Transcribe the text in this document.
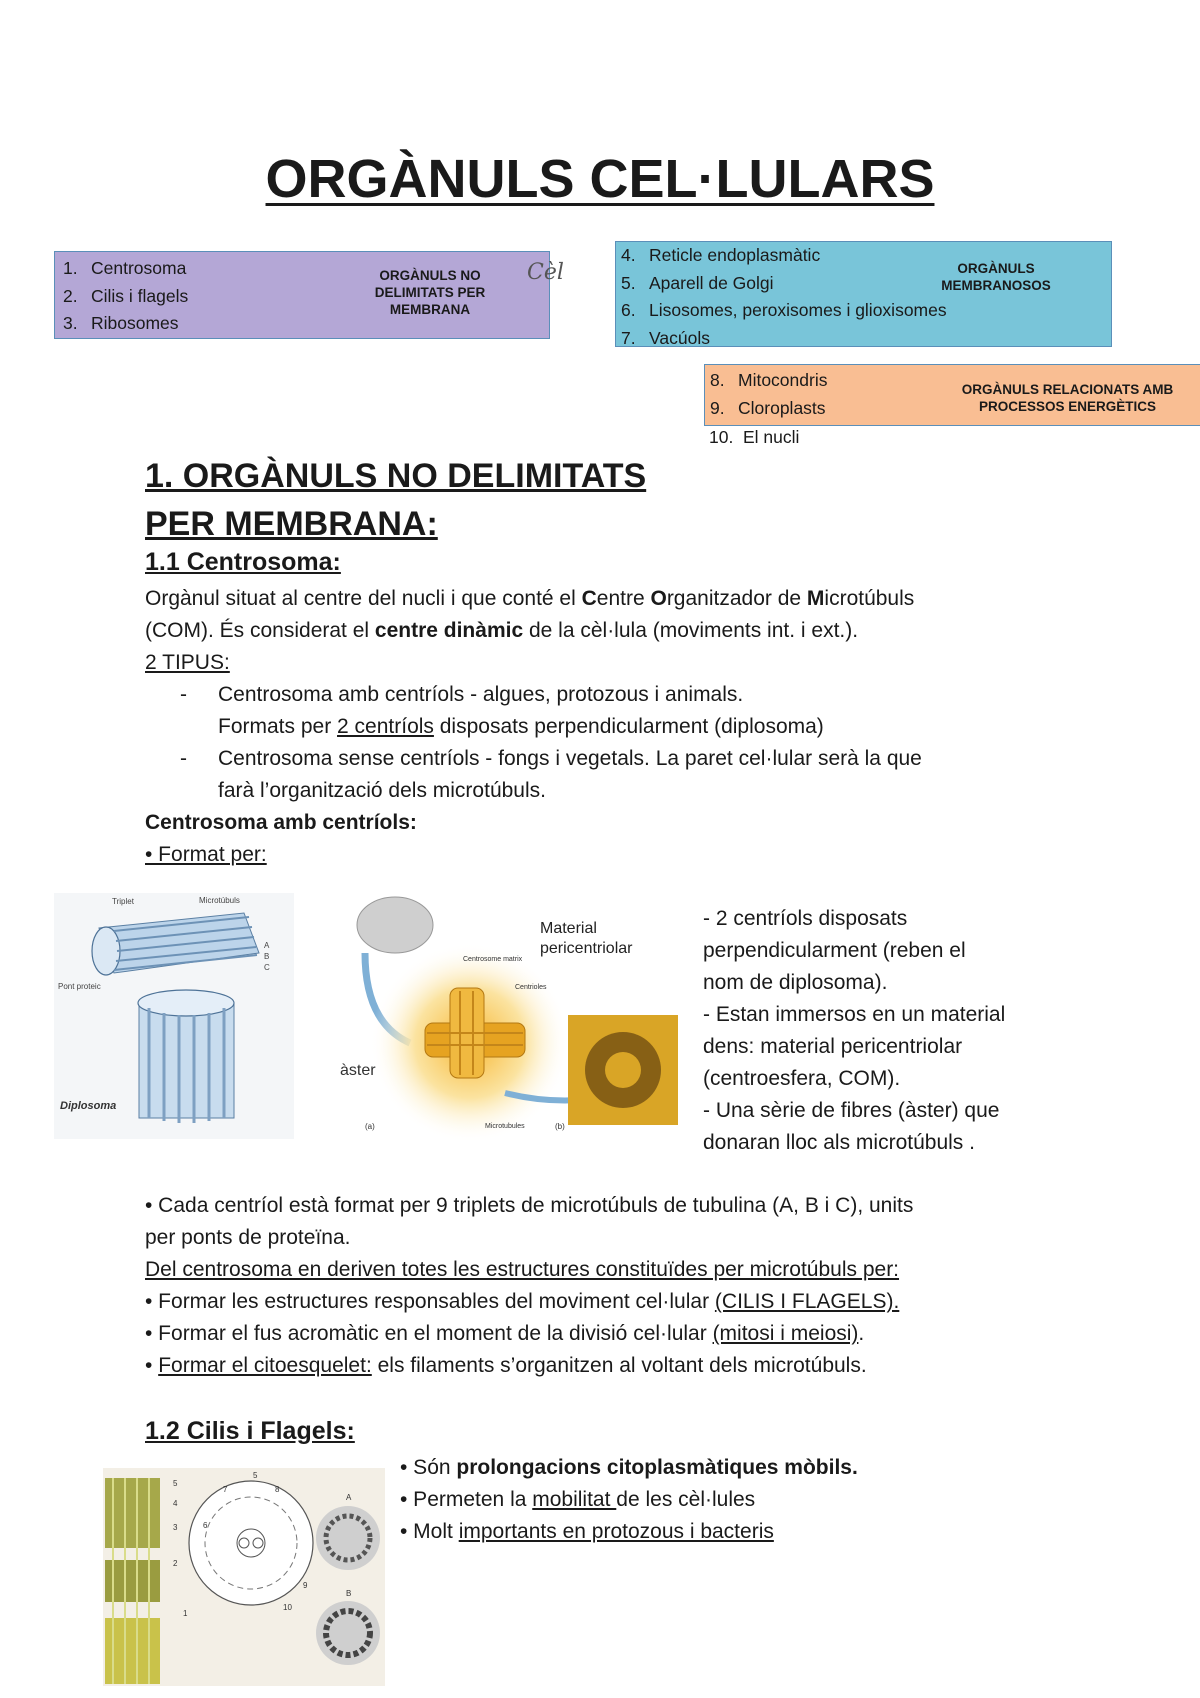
ORGÀNULS CEL·LULARS
1. Centrosoma
2. Cilis i flagels
3. Ribosomes
ORGÀNULS NO DELIMITATS PER MEMBRANA
Cèl
4. Reticle endoplasmàtic
5. Aparell de Golgi
6. Lisosomes, peroxisomes i glioxisomes
7. Vacúols
ORGÀNULS MEMBRANOSOS
8. Mitocondris
9. Cloroplasts
ORGÀNULS RELACIONATS AMB PROCESSOS ENERGÈTICS
10. El nucli
1. ORGÀNULS NO DELIMITATS
PER MEMBRANA:
1.1 Centrosoma:
Orgànul situat al centre del nucli i que conté el Centre Organitzador de Microtúbuls
(COM). És considerat el centre dinàmic de la cèl·lula (moviments int. i ext.).
2 TIPUS:
- Centrosoma amb centríols - algues, protozous i animals.
Formats per 2 centríols disposats perpendicularment (diplosoma)
- Centrosoma sense centríols - fongs i vegetals. La paret cel·lular serà la que
farà l’organització dels microtúbuls.
Centrosoma amb centríols:
• Format per:
Triplet	Microtúbuls
Pont proteic
A
B
C
Diplosoma
Material
pericentriolar
Centrosome matrix
Centrioles
àster
Microtubules
(a)	(b)
- 2 centríols disposats
perpendicularment (reben el
nom de diplosoma).
- Estan immersos en un material
dens: material pericentriolar
(centroesfera, COM).
- Una sèrie de fibres (àster) que
donaran lloc als microtúbuls .
• Cada centríol està format per 9 triplets de microtúbuls de tubulina (A, B i C), units
per ponts de proteïna.
Del centrosoma en deriven totes les estructures constituïdes per microtúbuls per:
• Formar les estructures responsables del moviment cel·lular (CILIS I FLAGELS).
• Formar el fus acromàtic en el moment de la divisió cel·lular (mitosi i meiosi).
• Formar el citoesquelet: els filaments s’organitzen al voltant dels microtúbuls.
1.2 Cilis i Flagels:
5
4
3
2
1
5
7	8
6
9
10
A
B
• Són prolongacions citoplasmàtiques mòbils.
• Permeten la mobilitat de les cèl·lules
• Molt importants en protozous i bacteris
